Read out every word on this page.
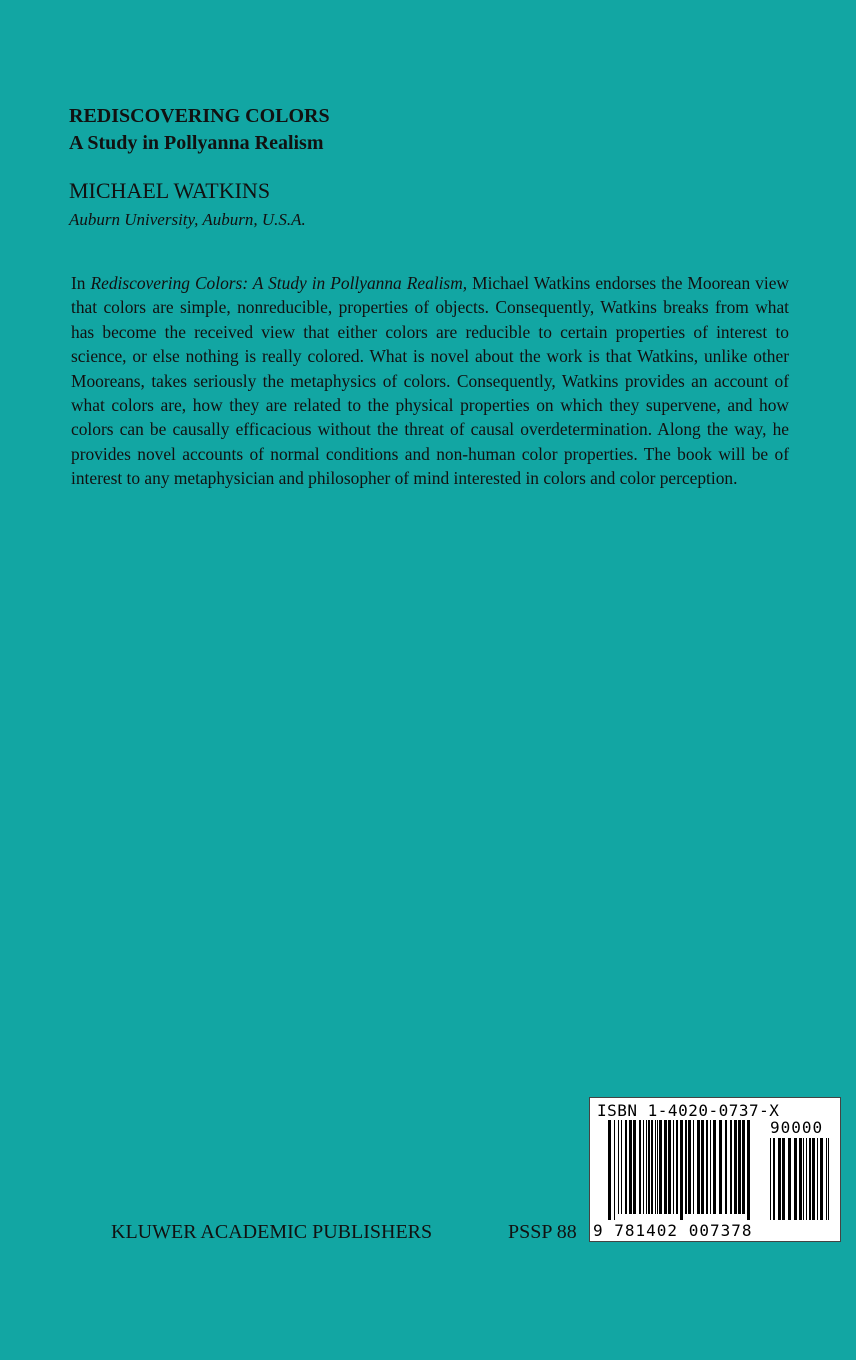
REDISCOVERING COLORS
A Study in Pollyanna Realism

MICHAEL WATKINS

Auburn University, Auburn, U.S.A.

In Rediscovering Colors: A Study in Pollyanna Realism, Michael Watkins endorses the Moorean view that colors are simple, nonreducible, properties of objects. Consequently, Watkins breaks from what has become the received view that either colors are reducible to certain properties of interest to science, or else nothing is really colored. What is novel about the work is that Watkins, unlike other Mooreans, takes seriously the metaphysics of colors. Consequently, Watkins provides an account of what colors are, how they are related to the physical properties on which they supervene, and how colors can be causally efficacious without the threat of causal overdetermination. Along the way, he provides novel accounts of normal conditions and non-human color properties. The book will be of interest to any metaphysician and philosopher of mind interested in colors and color perception.

KLUWER ACADEMIC PUBLISHERS	PSSP 88

ISBN 1-4020-0737-X
90000
9 781402 007378
